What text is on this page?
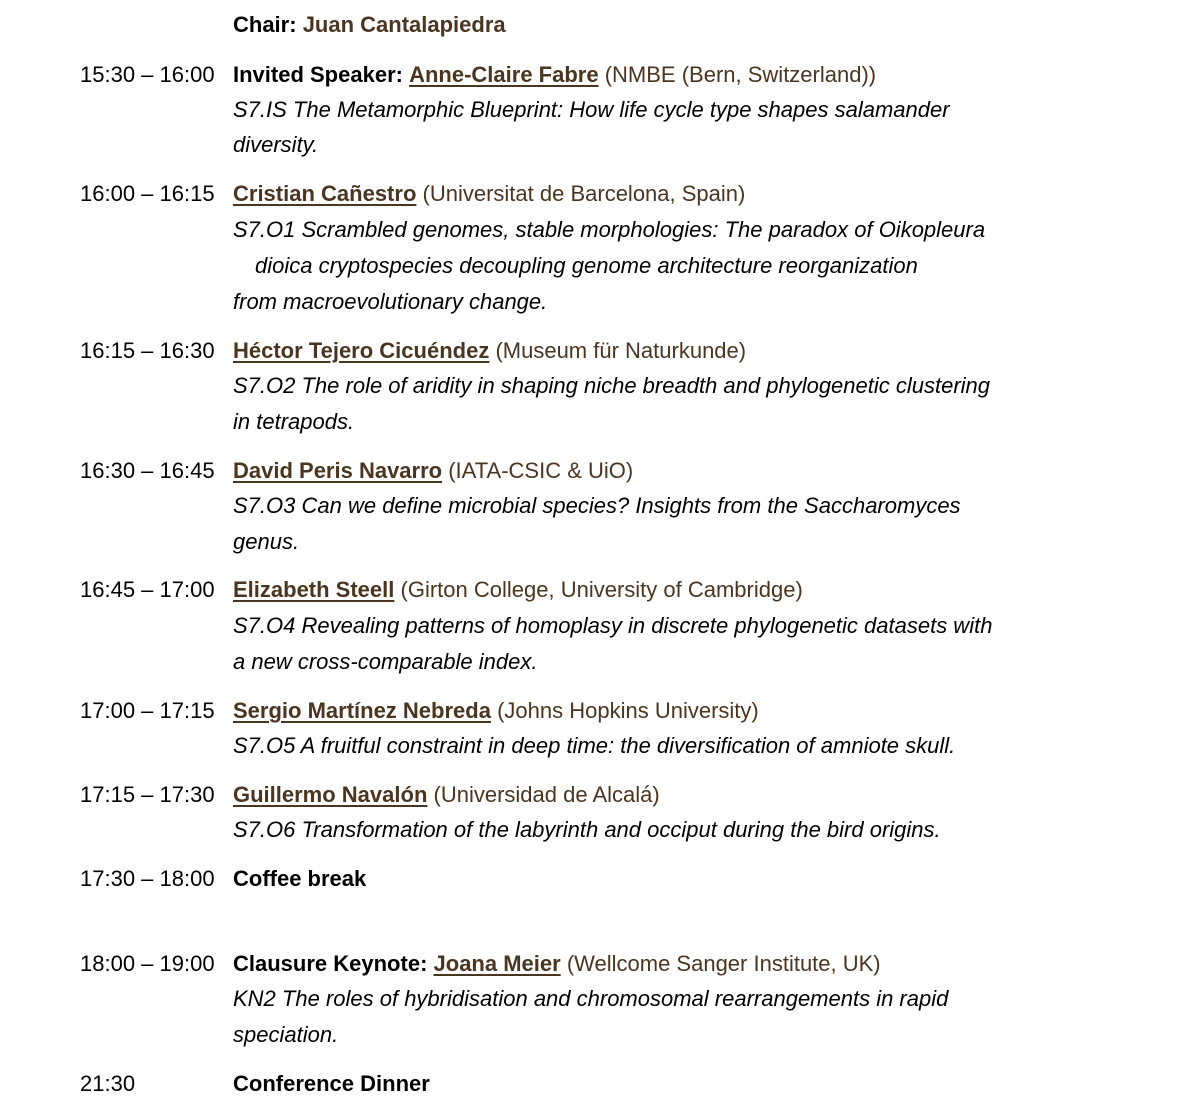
Chair: Juan Cantalapiedra
15:30 – 16:00 Invited Speaker: Anne-Claire Fabre (NMBE (Bern, Switzerland))
S7.IS The Metamorphic Blueprint: How life cycle type shapes salamander
diversity.
16:00 – 16:15 Cristian Cañestro (Universitat de Barcelona, Spain)
S7.O1 Scrambled genomes, stable morphologies: The paradox of Oikopleura
dioica cryptospecies decoupling genome architecture reorganization
from macroevolutionary change.
16:15 – 16:30 Héctor Tejero Cicuéndez (Museum für Naturkunde)
S7.O2 The role of aridity in shaping niche breadth and phylogenetic clustering
in tetrapods.
16:30 – 16:45 David Peris Navarro (IATA-CSIC & UiO)
S7.O3 Can we define microbial species? Insights from the Saccharomyces
genus.
16:45 – 17:00 Elizabeth Steell (Girton College, University of Cambridge)
S7.O4 Revealing patterns of homoplasy in discrete phylogenetic datasets with
a new cross-comparable index.
17:00 – 17:15 Sergio Martínez Nebreda (Johns Hopkins University)
S7.O5 A fruitful constraint in deep time: the diversification of amniote skull.
17:15 – 17:30 Guillermo Navalón (Universidad de Alcalá)
S7.O6 Transformation of the labyrinth and occiput during the bird origins.
17:30 – 18:00 Coffee break
18:00 – 19:00 Clausure Keynote: Joana Meier (Wellcome Sanger Institute, UK)
KN2 The roles of hybridisation and chromosomal rearrangements in rapid
speciation.
21:30	Conference Dinner
